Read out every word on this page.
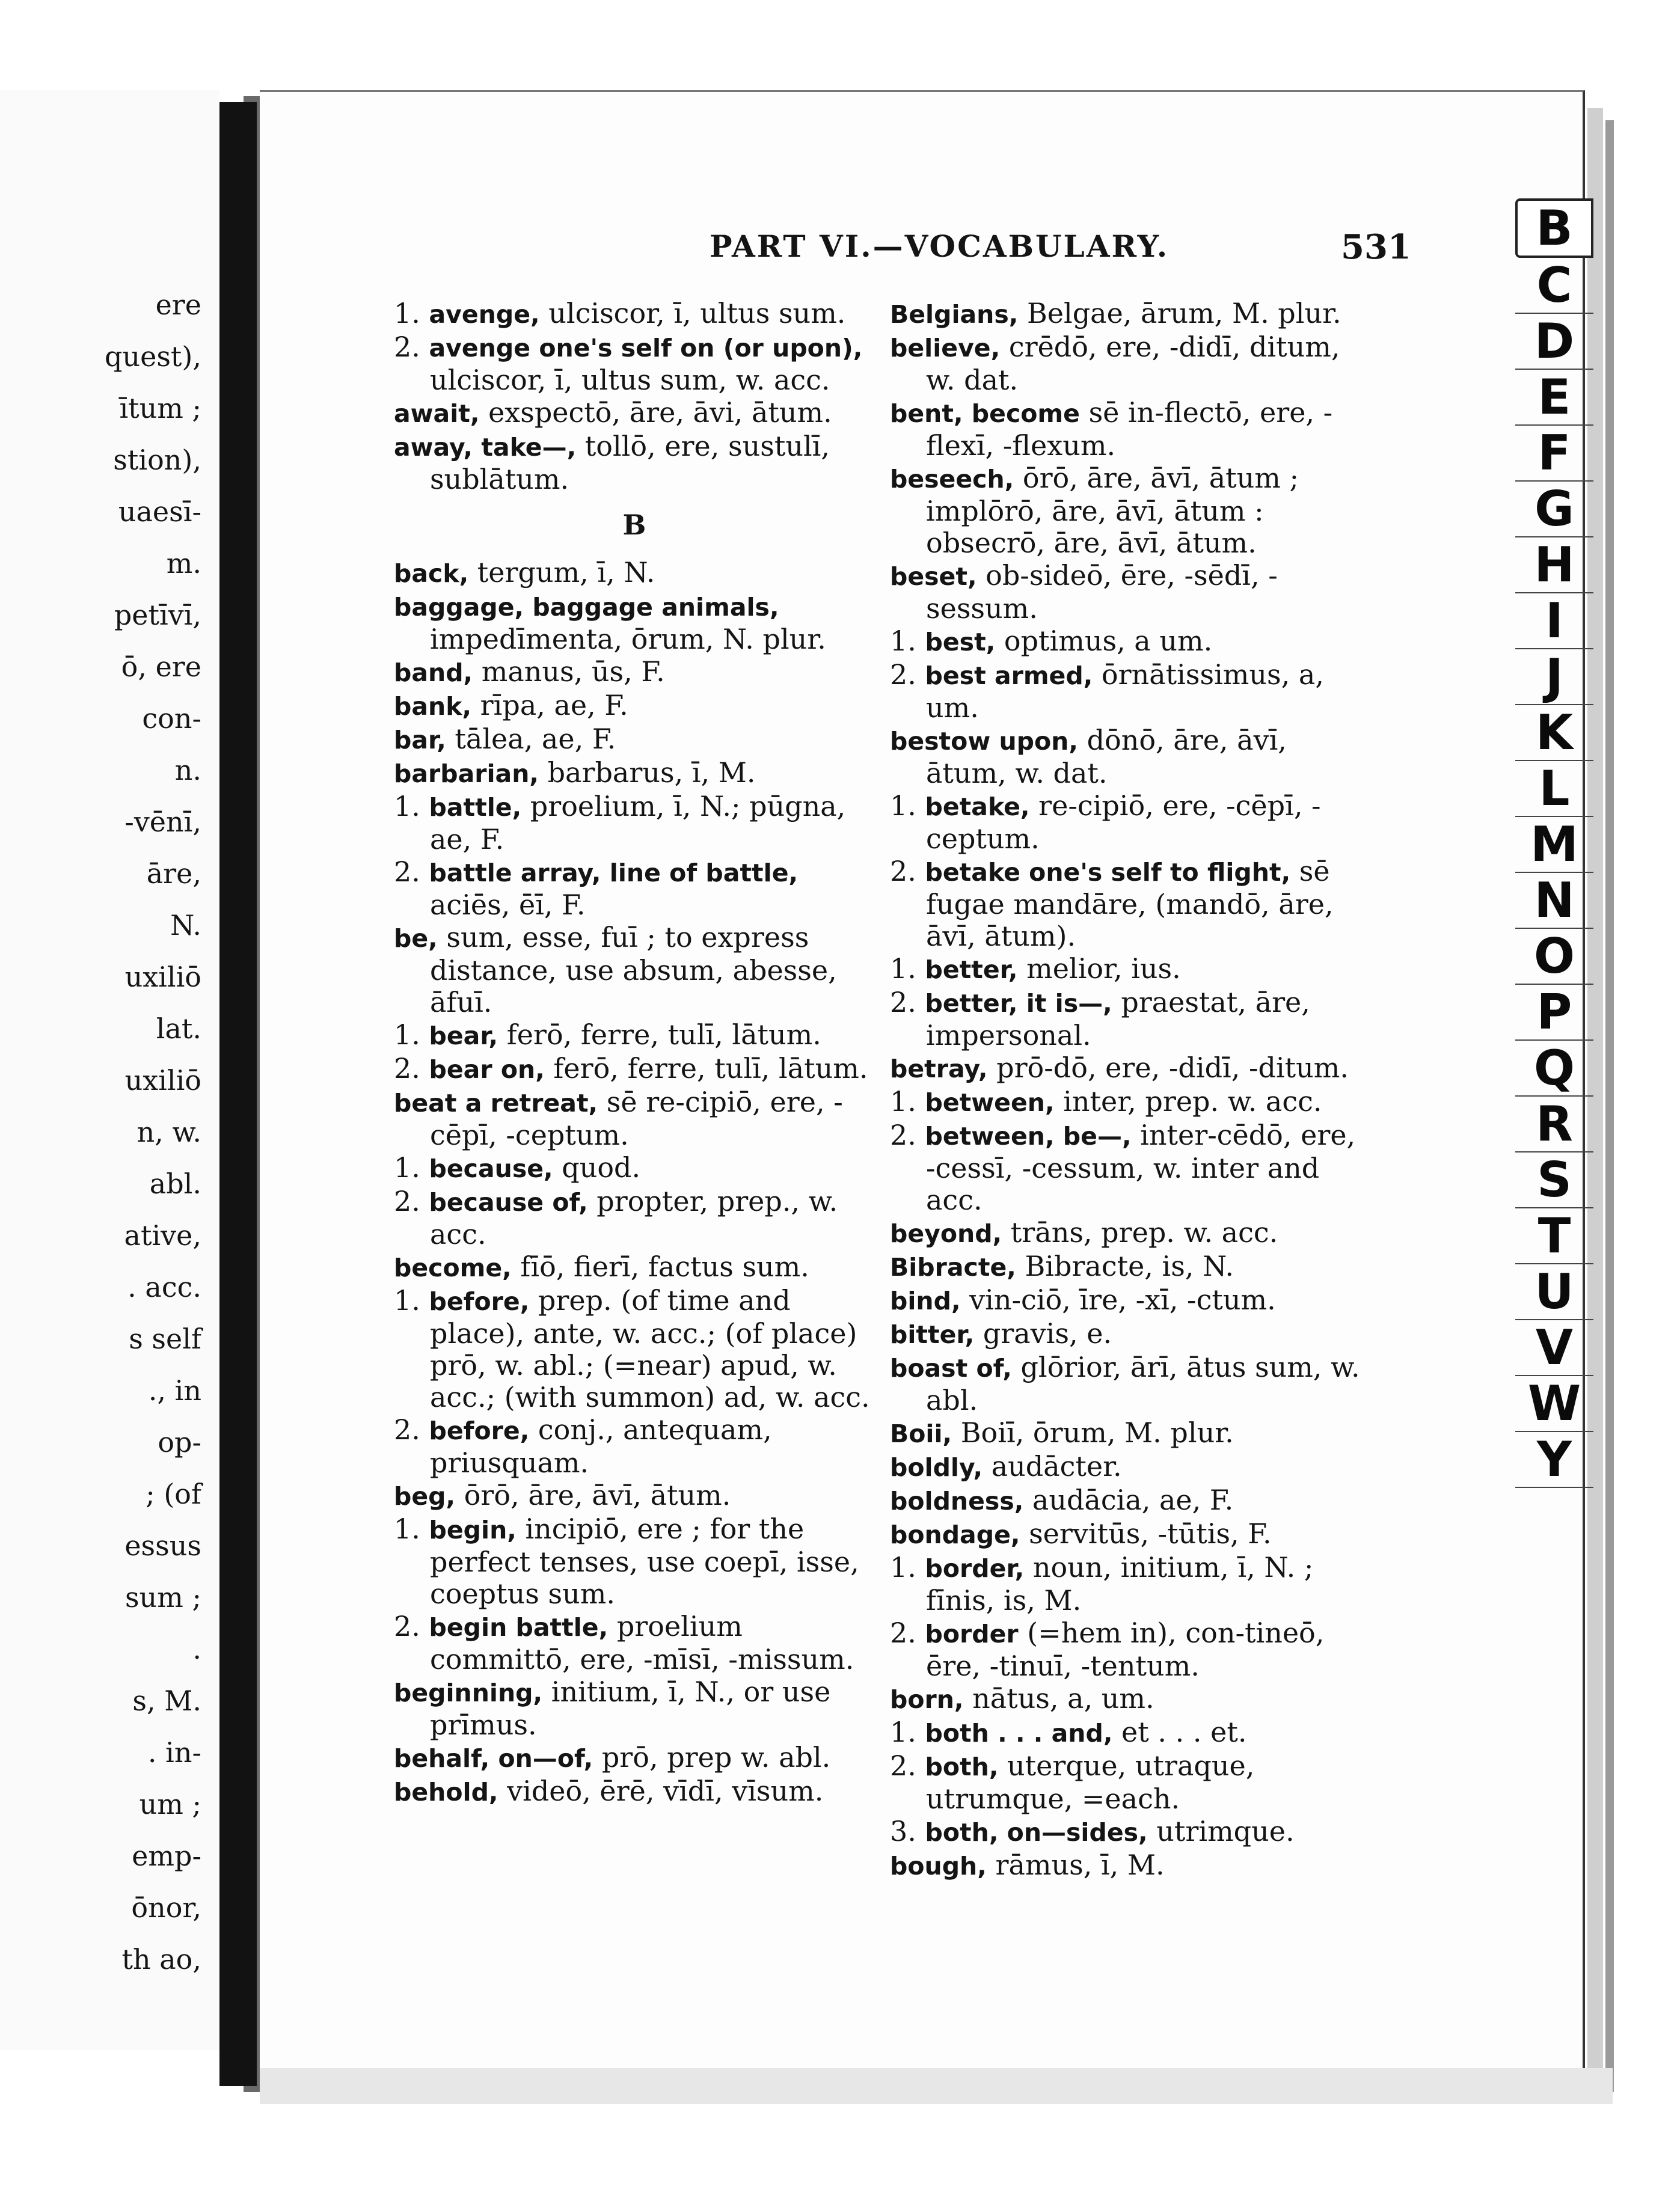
ere
quest),
ītum ;
stion),
uaesī-
m.
petīvī,
ō, ere
con-
n.
-vēnī,
āre,
N.
uxiliō
lat.
uxiliō
n, w.
abl.
ative,
. acc.
s self
., in
op-
; (of
essus
sum ;
.
s, M.
. in-
um ;
emp-
ōnor,
th ao,
PART VI.—VOCABULARY.	531
1. avenge, ulciscor, ī, ultus sum.
2. avenge one's self on (or upon), ulciscor, ī, ultus sum, w. acc.
await, exspectō, āre, āvi, ātum.
away, take—, tollō, ere, sustulī, sublātum.
B
back, tergum, ī, N.
baggage, baggage animals, impedīmenta, ōrum, N. plur.
band, manus, ūs, F.
bank, rīpa, ae, F.
bar, tālea, ae, F.
barbarian, barbarus, ī, M.
1. battle, proelium, ī, N.; pūgna, ae, F.
2. battle array, line of battle, aciēs, ēī, F.
be, sum, esse, fuī ; to express distance, use absum, abesse, āfuī.
1. bear, ferō, ferre, tulī, lātum.
2. bear on, ferō, ferre, tulī, lātum.
beat a retreat, sē re-cipiō, ere, -cēpī, -ceptum.
1. because, quod.
2. because of, propter, prep., w. acc.
become, fīō, fierī, factus sum.
1. before, prep. (of time and place), ante, w. acc.; (of place) prō, w. abl.; (=near) apud, w. acc.; (with summon) ad, w. acc.
2. before, conj., antequam, priusquam.
beg, ōrō, āre, āvī, ātum.
1. begin, incipiō, ere ; for the perfect tenses, use coepī, isse, coeptus sum.
2. begin battle, proelium committō, ere, -mīsī, -missum.
beginning, initium, ī, N., or use prīmus.
behalf, on—of, prō, prep w. abl.
behold, videō, ērē, vīdī, vīsum.
Belgians, Belgae, ārum, M. plur.
believe, crēdō, ere, -didī, ditum, w. dat.
bent, become sē in-flectō, ere, -flexī, -flexum.
beseech, ōrō, āre, āvī, ātum ; implōrō, āre, āvī, ātum : obsecrō, āre, āvī, ātum.
beset, ob-sideō, ēre, -sēdī, -sessum.
1. best, optimus, a um.
2. best armed, ōrnātissimus, a, um.
bestow upon, dōnō, āre, āvī, ātum, w. dat.
1. betake, re-cipiō, ere, -cēpī, -ceptum.
2. betake one's self to flight, sē fugae mandāre, (mandō, āre, āvī, ātum).
1. better, melior, ius.
2. better, it is—, praestat, āre, impersonal.
betray, prō-dō, ere, -didī, -ditum.
1. between, inter, prep. w. acc.
2. between, be—, inter-cēdō, ere, -cessī, -cessum, w. inter and acc.
beyond, trāns, prep. w. acc.
Bibracte, Bibracte, is, N.
bind, vin-ciō, īre, -xī, -ctum.
bitter, gravis, e.
boast of, glōrior, ārī, ātus sum, w. abl.
Boii, Boiī, ōrum, M. plur.
boldly, audācter.
boldness, audācia, ae, F.
bondage, servitūs, -tūtis, F.
1. border, noun, initium, ī, N. ; fīnis, is, M.
2. border (=hem in), con-tineō, ēre, -tinuī, -tentum.
born, nātus, a, um.
1. both . . . and, et . . . et.
2. both, uterque, utraque, utrumque, =each.
3. both, on—sides, utrimque.
bough, rāmus, ī, M.
B
C
D
E
F
G
H
I
J
K
L
M
N
O
P
Q
R
S
T
U
V
W
Y
